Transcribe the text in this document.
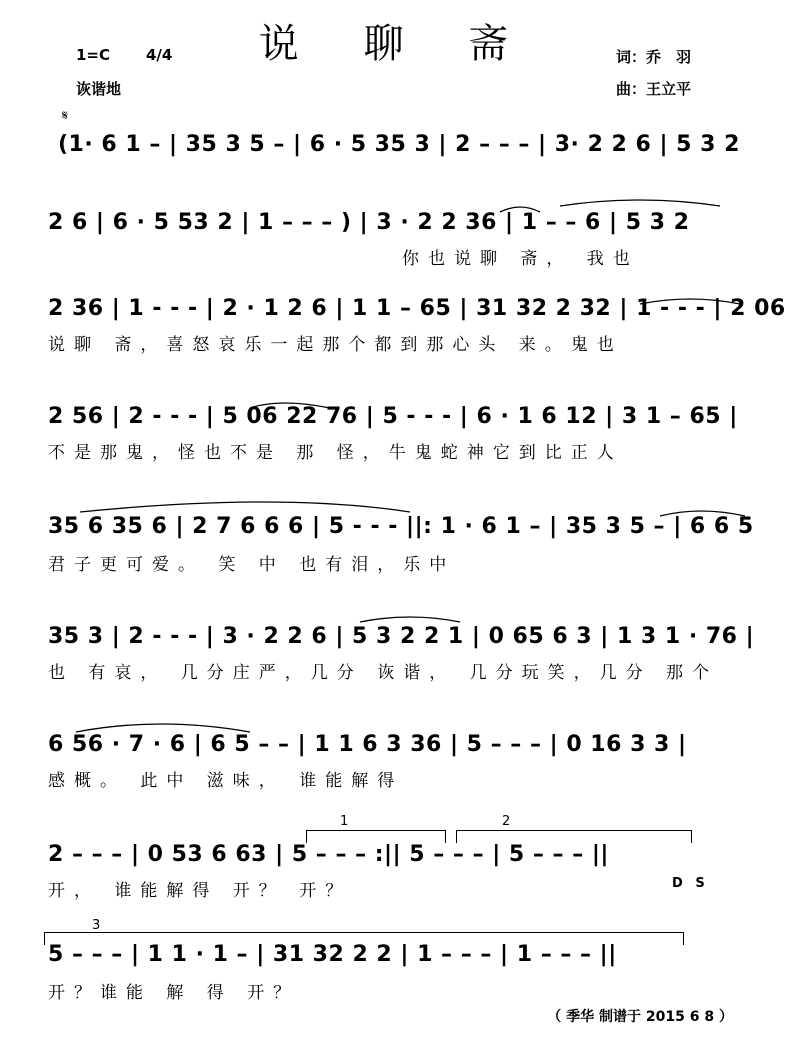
说 聊 斋
1=C 4/4
诙谐地
词：乔　羽
曲：王立平
𝄋
(1· 6 1 – | 35 3 5 – | 6 · 5 35 3 | 2 – – – | 3· 2 2 6 | 5 3 2
2 6 | 6 · 5 53 2 | 1 – – – ) | 3 · 2 2 36 | 1 – – 6 | 5 3 2
你也说聊 斋， 我也
2 36 | 1 - - - | 2 · 1 2 6 | 1 1 – 65 | 31 32 2 32 | 1 - - - | 2 06
说聊 斋，喜怒哀乐一起那个都到那心头 来。鬼也
2 56 | 2 - - - | 5 06 22 76 | 5 - - - | 6 · 1 6 12 | 3 1 – 65 |
不是那鬼，怪也不是 那 怪，牛鬼蛇神它到比正人
35 6 35 6 | 2 7 6 6 6 | 5 - - - ||: 1 · 6 1 – | 35 3 5 – | 6 6 5
君子更可爱。 笑 中 也有泪，乐中
35 3 | 2 - - - | 3 · 2 2 6 | 5 3 2 2 1 | 0 65 6 3 | 1 3 1 · 76 |
也 有哀， 几分庄严，几分 诙谐， 几分玩笑，几分 那个
6 56 · 7 · 6 | 6 5 – – | 1 1 6 3 36 | 5 – – – | 0 16 3 3 |
感概。 此中 滋味， 谁能解得
2 – – – | 0 53 6 63 | 5 – – – :|| 5 – – – | 5 – – – ||
开， 谁能解得 开？ 开？
5 – – – | 1 1 · 1 – | 31 32 2 2 | 1 – – – | 1 – – – ||
开？谁能 解 得 开？
1	2
3
D S
（ 季华 制谱于 2015 6 8 ）
